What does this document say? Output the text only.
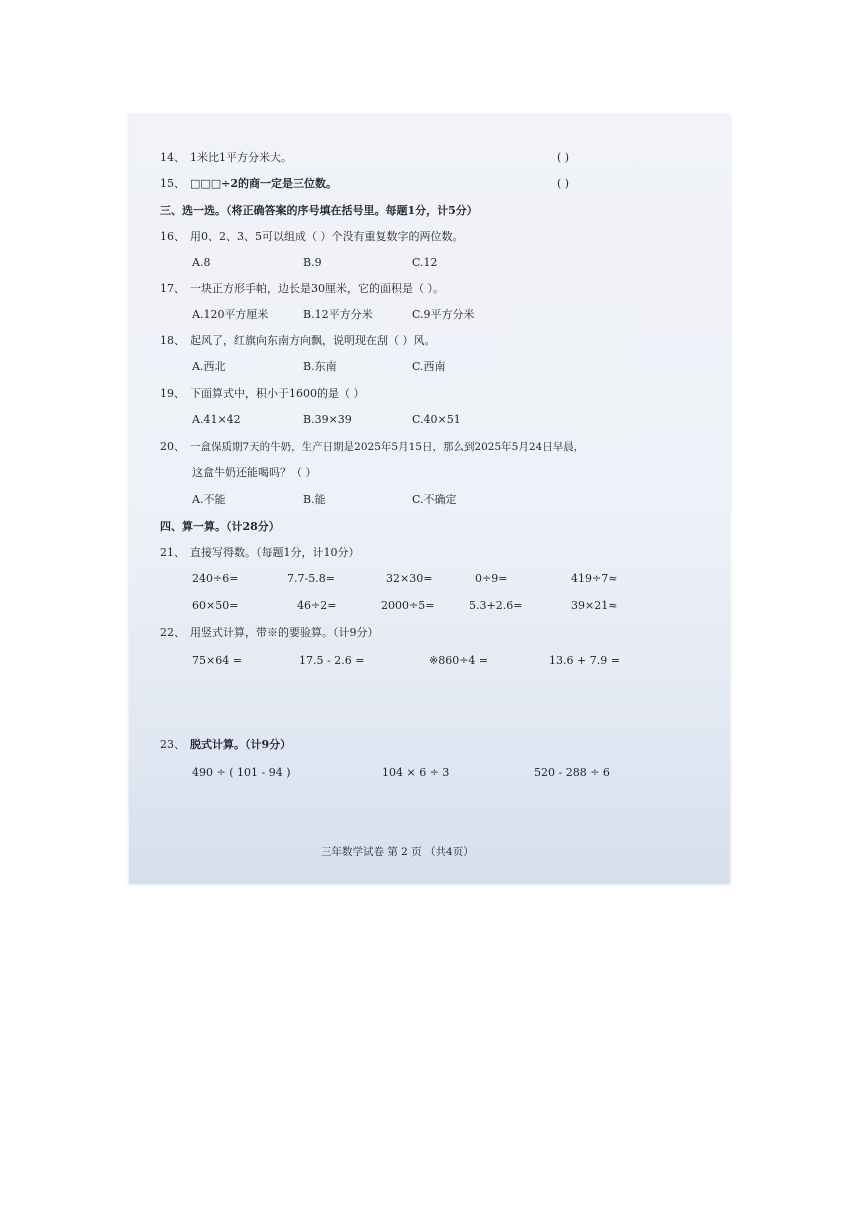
14、 1米比1平方分米大。	( )
15、 □□□÷2的商一定是三位数。	( )
三、选一选。（将正确答案的序号填在括号里。每题1分，计5分）
16、 用0、2、3、5可以组成（ ）个没有重复数字的两位数。
A.8	B.9	C.12
17、 一块正方形手帕，边长是30厘米，它的面积是（ ）。
A.120平方厘米	B.12平方分米	C.9平方分米
18、 起风了，红旗向东南方向飘，说明现在刮（ ）风。
A.西北	B.东南	C.西南
19、 下面算式中，积小于1600的是（ ）
A.41×42	B.39×39	C.40×51
20、 一盒保质期7天的牛奶，生产日期是2025年5月15日，那么到2025年5月24日早晨，
这盒牛奶还能喝吗？（ ）
A.不能	B.能	C.不确定
四、算一算。（计28分）
21、 直接写得数。（每题1分，计10分）
240÷6=	7.7-5.8=	32×30=	0÷9=	419÷7≈
60×50=	46÷2=	2000÷5=	5.3+2.6=	39×21≈
22、 用竖式计算，带※的要验算。（计9分）
75×64 =	17.5 - 2.6 =	※860÷4 =	13.6 + 7.9 =
23、 脱式计算。（计9分）
490 ÷ ( 101 - 94 )	104 × 6 ÷ 3	520 - 288 ÷ 6
三年数学试卷 第 2 页 （共4页）
